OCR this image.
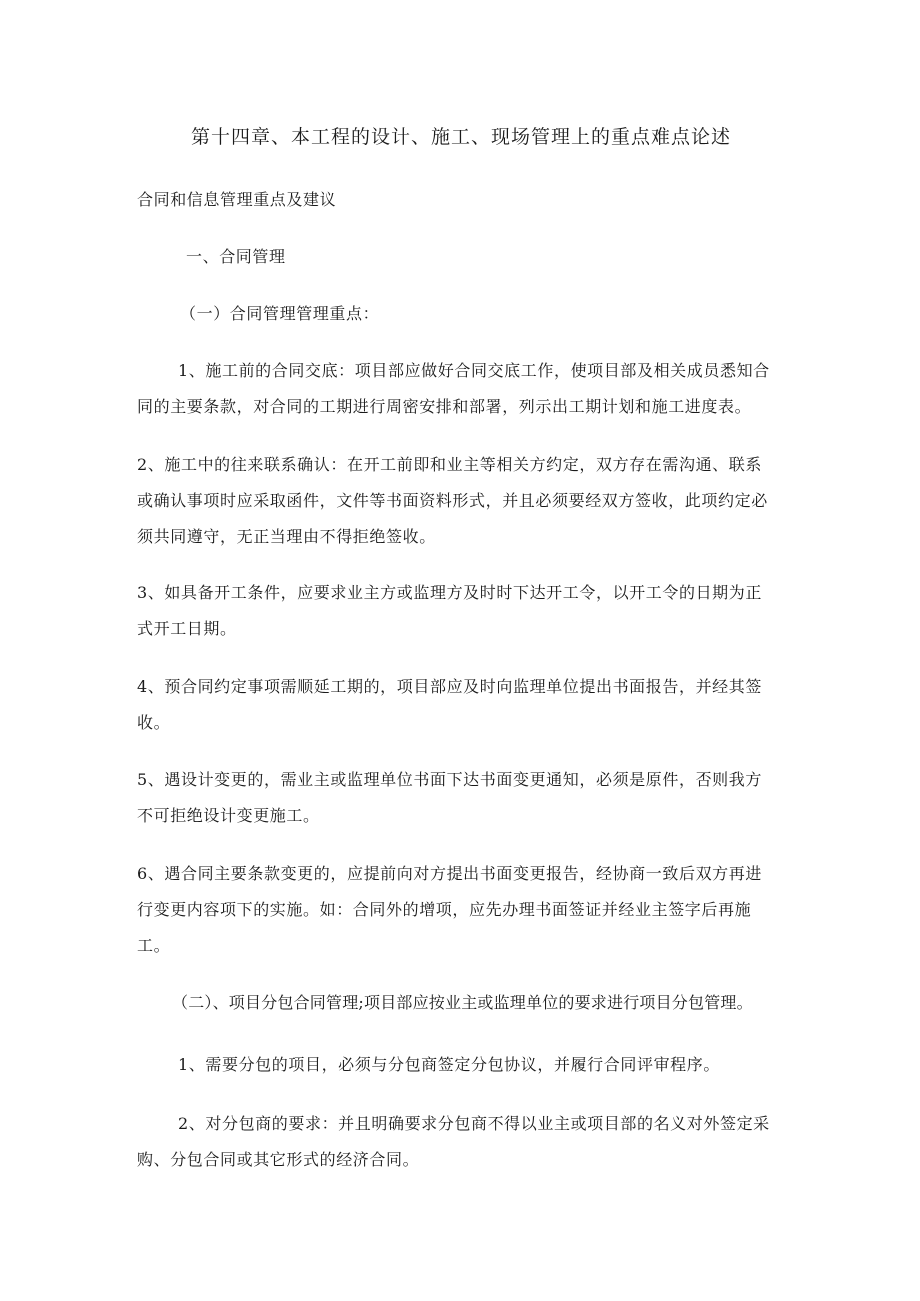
第十四章、本工程的设计、施工、现场管理上的重点难点论述
合同和信息管理重点及建议
一、合同管理
（一）合同管理管理重点：
1、施工前的合同交底：项目部应做好合同交底工作，使项目部及相关成员悉知合
同的主要条款，对合同的工期进行周密安排和部署，列示出工期计划和施工进度表。
2、施工中的往来联系确认：在开工前即和业主等相关方约定，双方存在需沟通、联系
或确认事项时应采取函件，文件等书面资料形式，并且必须要经双方签收，此项约定必
须共同遵守，无正当理由不得拒绝签收。
3、如具备开工条件，应要求业主方或监理方及时时下达开工令，以开工令的日期为正
式开工日期。
4、预合同约定事项需顺延工期的，项目部应及时向监理单位提出书面报告，并经其签
收。
5、遇设计变更的，需业主或监理单位书面下达书面变更通知，必须是原件，否则我方
不可拒绝设计变更施工。
6、遇合同主要条款变更的，应提前向对方提出书面变更报告，经协商一致后双方再进
行变更内容项下的实施。如：合同外的增项，应先办理书面签证并经业主签字后再施
工。
（二）、项目分包合同管理;项目部应按业主或监理单位的要求进行项目分包管理。
1、需要分包的项目，必须与分包商签定分包协议，并履行合同评审程序。
2、对分包商的要求：并且明确要求分包商不得以业主或项目部的名义对外签定采
购、分包合同或其它形式的经济合同。
